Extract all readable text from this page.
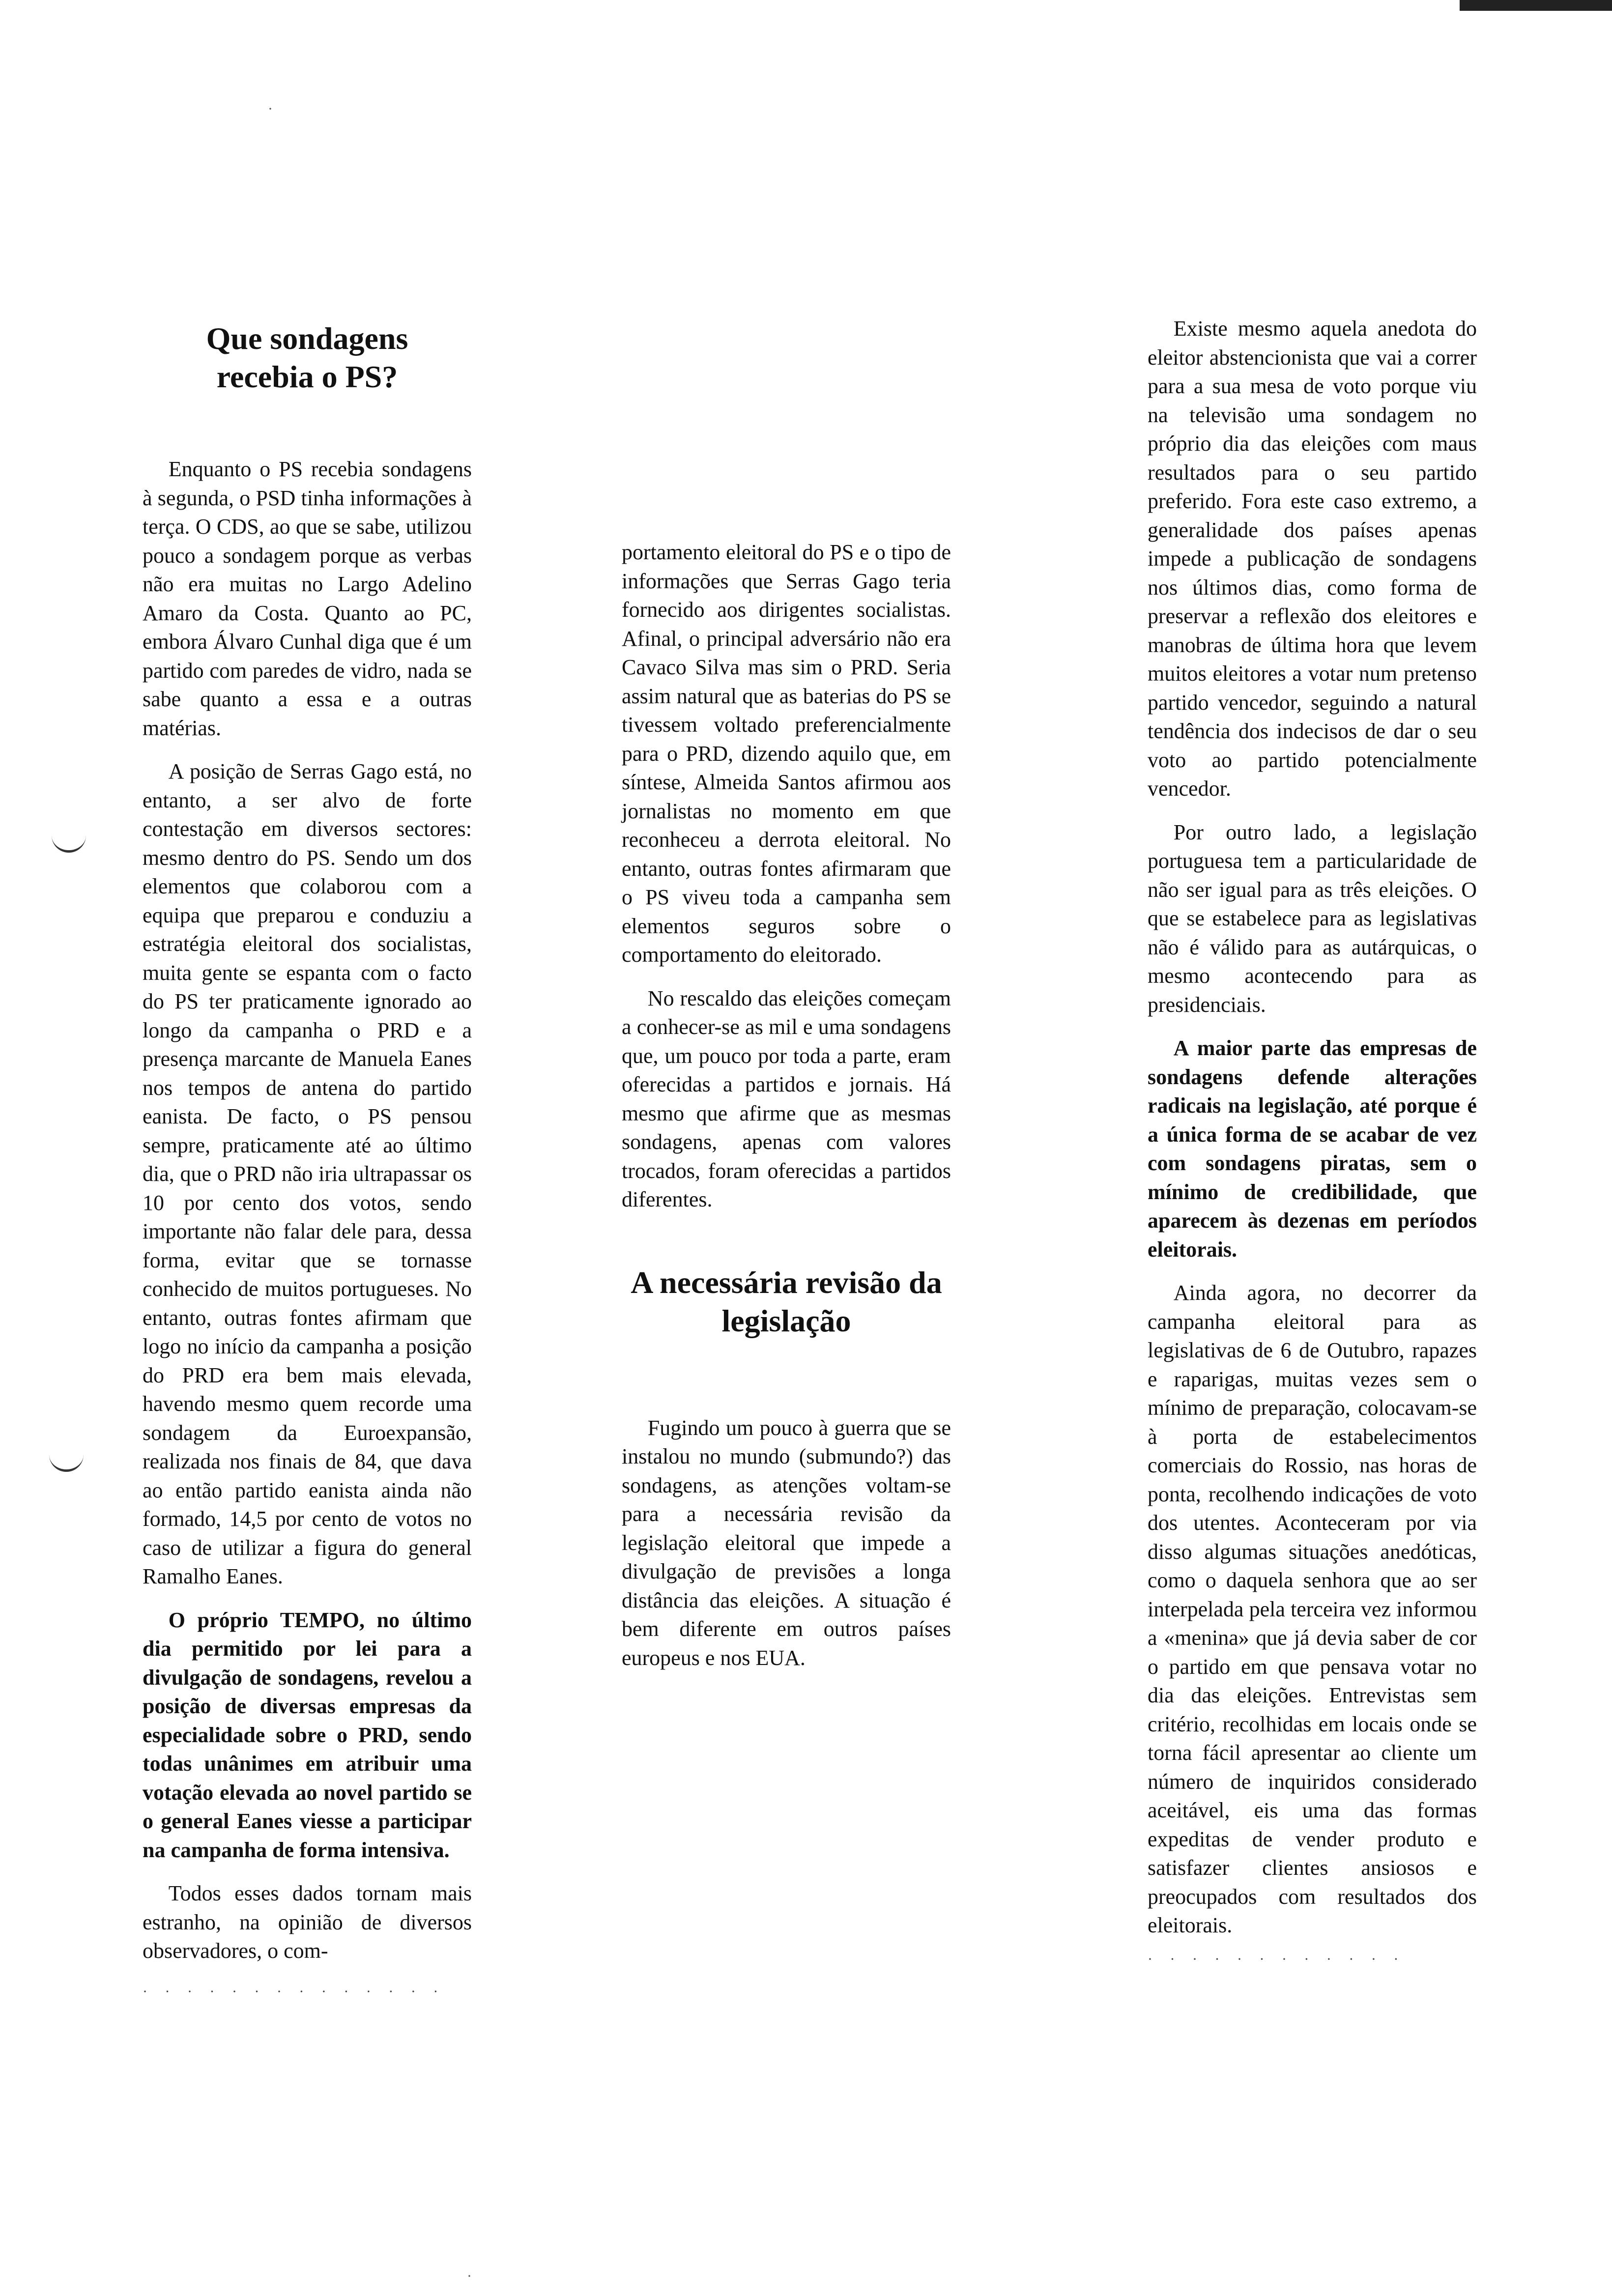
Que sondagens recebia o PS?

Enquanto o PS recebia sondagens à segunda, o PSD tinha informações à terça. O CDS, ao que se sabe, utilizou pouco a sondagem porque as verbas não era muitas no Largo Adelino Amaro da Costa. Quanto ao PC, embora Álvaro Cunhal diga que é um partido com paredes de vidro, nada se sabe quanto a essa e a outras matérias.

A posição de Serras Gago está, no entanto, a ser alvo de forte contestação em diversos sectores: mesmo dentro do PS. Sendo um dos elementos que colaborou com a equipa que preparou e conduziu a estratégia eleitoral dos socialistas, muita gente se espanta com o facto do PS ter praticamente ignorado ao longo da campanha o PRD e a presença marcante de Manuela Eanes nos tempos de antena do partido eanista. De facto, o PS pensou sempre, praticamente até ao último dia, que o PRD não iria ultrapassar os 10 por cento dos votos, sendo importante não falar dele para, dessa forma, evitar que se tornasse conhecido de muitos portugueses. No entanto, outras fontes afirmam que logo no início da campanha a posição do PRD era bem mais elevada, havendo mesmo quem recorde uma sondagem da Euroexpansão, realizada nos finais de 84, que dava ao então partido eanista ainda não formado, 14,5 por cento de votos no caso de utilizar a figura do general Ramalho Eanes.

O próprio TEMPO, no último dia permitido por lei para a divulgação de sondagens, revelou a posição de diversas empresas da especialidade sobre o PRD, sendo todas unânimes em atribuir uma votação elevada ao novel partido se o general Eanes viesse a participar na campanha de forma intensiva.

Todos esses dados tornam mais estranho, na opinião de diversos observadores, o com-

· · · · · · · · · · · · · ·

portamento eleitoral do PS e o tipo de informações que Serras Gago teria fornecido aos dirigentes socialistas. Afinal, o principal adversário não era Cavaco Silva mas sim o PRD. Seria assim natural que as baterias do PS se tivessem voltado preferencialmente para o PRD, dizendo aquilo que, em síntese, Almeida Santos afirmou aos jornalistas no momento em que reconheceu a derrota eleitoral. No entanto, outras fontes afirmaram que o PS viveu toda a campanha sem elementos seguros sobre o comportamento do eleitorado.

No rescaldo das eleições começam a conhecer-se as mil e uma sondagens que, um pouco por toda a parte, eram oferecidas a partidos e jornais. Há mesmo que afirme que as mesmas sondagens, apenas com valores trocados, foram oferecidas a partidos diferentes.

A necessária revisão da legislação

Fugindo um pouco à guerra que se instalou no mundo (submundo?) das sondagens, as atenções voltam-se para a necessária revisão da legislação eleitoral que impede a divulgação de previsões a longa distância das eleições. A situação é bem diferente em outros países europeus e nos EUA.

Existe mesmo aquela anedota do eleitor abstencionista que vai a correr para a sua mesa de voto porque viu na televisão uma sondagem no próprio dia das eleições com maus resultados para o seu partido preferido. Fora este caso extremo, a generalidade dos países apenas impede a publicação de sondagens nos últimos dias, como forma de preservar a reflexão dos eleitores e manobras de última hora que levem muitos eleitores a votar num pretenso partido vencedor, seguindo a natural tendência dos indecisos de dar o seu voto ao partido potencialmente vencedor.

Por outro lado, a legislação portuguesa tem a particularidade de não ser igual para as três eleições. O que se estabelece para as legislativas não é válido para as autárquicas, o mesmo acontecendo para as presidenciais.

A maior parte das empresas de sondagens defende alterações radicais na legislação, até porque é a única forma de se acabar de vez com sondagens piratas, sem o mínimo de credibilidade, que aparecem às dezenas em períodos eleitorais.

Ainda agora, no decorrer da campanha eleitoral para as legislativas de 6 de Outubro, rapazes e raparigas, muitas vezes sem o mínimo de preparação, colocavam-se à porta de estabelecimentos comerciais do Rossio, nas horas de ponta, recolhendo indicações de voto dos utentes. Aconteceram por via disso algumas situações anedóticas, como o daquela senhora que ao ser interpelada pela terceira vez informou a «menina» que já devia saber de cor o partido em que pensava votar no dia das eleições. Entrevistas sem critério, recolhidas em locais onde se torna fácil apresentar ao cliente um número de inquiridos considerado aceitável, eis uma das formas expeditas de vender produto e satisfazer clientes ansiosos e preocupados com resultados dos eleitorais.

· · · · · · · · · · · ·
·
·
